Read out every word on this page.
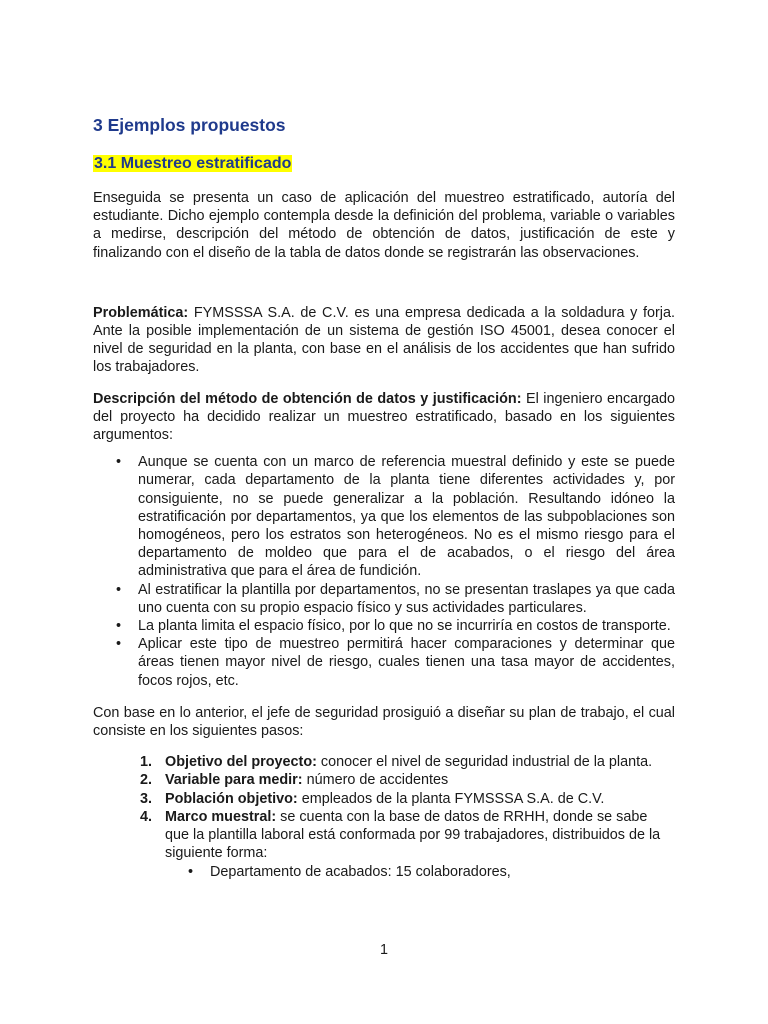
3 Ejemplos propuestos
3.1 Muestreo estratificado

Enseguida se presenta un caso de aplicación del muestreo estratificado, autoría del estudiante. Dicho ejemplo contempla desde la definición del problema, variable o variables a medirse, descripción del método de obtención de datos, justificación de este y finalizando con el diseño de la tabla de datos donde se registrarán las observaciones.

Problemática: FYMSSSA S.A. de C.V. es una empresa dedicada a la soldadura y forja. Ante la posible implementación de un sistema de gestión ISO 45001, desea conocer el nivel de seguridad en la planta, con base en el análisis de los accidentes que han sufrido los trabajadores.

Descripción del método de obtención de datos y justificación: El ingeniero encargado del proyecto ha decidido realizar un muestreo estratificado, basado en los siguientes argumentos:

• Aunque se cuenta con un marco de referencia muestral definido y este se puede numerar, cada departamento de la planta tiene diferentes actividades y, por consiguiente, no se puede generalizar a la población. Resultando idóneo la estratificación por departamentos, ya que los elementos de las subpoblaciones son homogéneos, pero los estratos son heterogéneos. No es el mismo riesgo para el departamento de moldeo que para el de acabados, o el riesgo del área administrativa que para el área de fundición.
• Al estratificar la plantilla por departamentos, no se presentan traslapes ya que cada uno cuenta con su propio espacio físico y sus actividades particulares.
• La planta limita el espacio físico, por lo que no se incurriría en costos de transporte.
• Aplicar este tipo de muestreo permitirá hacer comparaciones y determinar que áreas tienen mayor nivel de riesgo, cuales tienen una tasa mayor de accidentes, focos rojos, etc.

Con base en lo anterior, el jefe de seguridad prosiguió a diseñar su plan de trabajo, el cual consiste en los siguientes pasos:

1. Objetivo del proyecto: conocer el nivel de seguridad industrial de la planta.
2. Variable para medir: número de accidentes
3. Población objetivo: empleados de la planta FYMSSSA S.A. de C.V.
4. Marco muestral: se cuenta con la base de datos de RRHH, donde se sabe que la plantilla laboral está conformada por 99 trabajadores, distribuidos de la siguiente forma:
• Departamento de acabados: 15 colaboradores,
1
